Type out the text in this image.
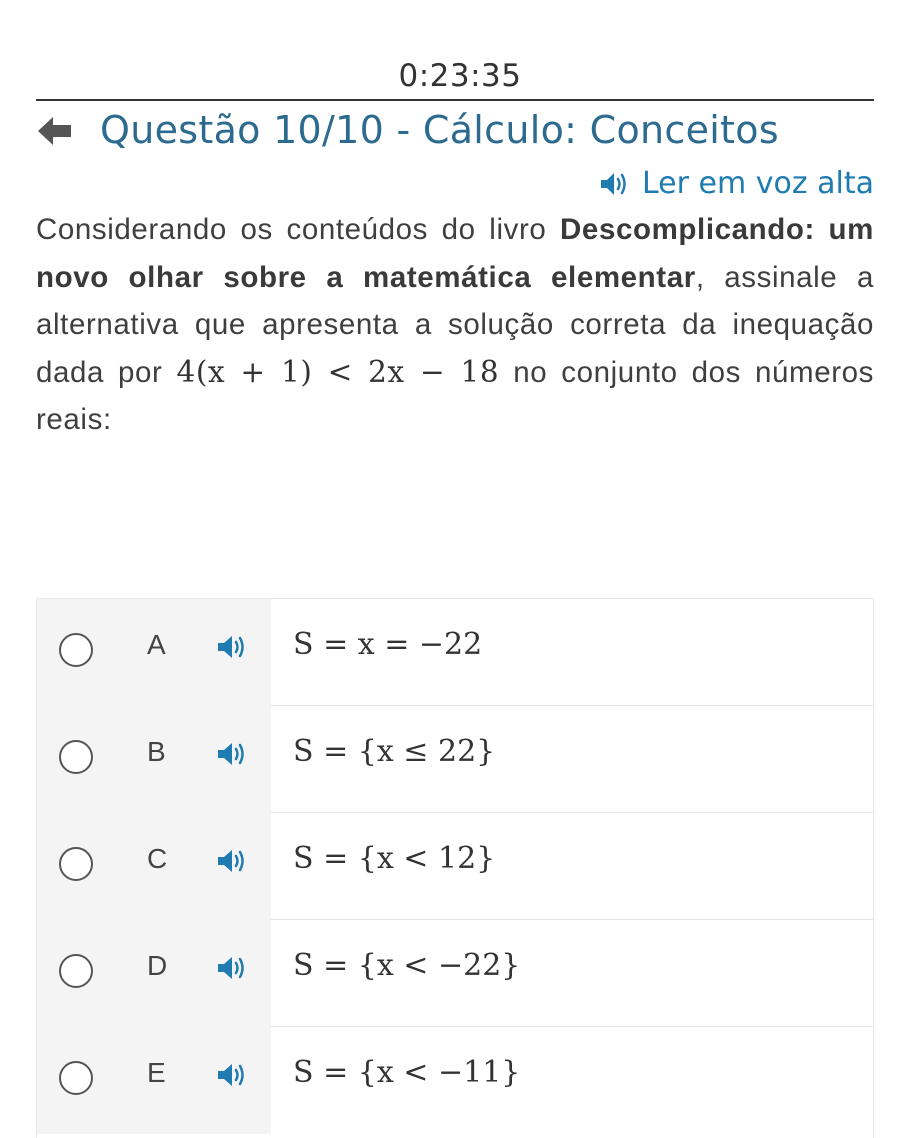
0:23:35
Questão 10/10 - Cálculo: Conceitos
Ler em voz alta
Considerando os conteúdos do livro Descomplicando: um novo olhar sobre a matemática elementar, assinale a alternativa que apresenta a solução correta da inequação dada por 4(x + 1) < 2x − 18 no conjunto dos números reais:
A	S = x = −22
B	S = {x ≤ 22}
C	S = {x < 12}
D	S = {x < −22}
E	S = {x < −11}
